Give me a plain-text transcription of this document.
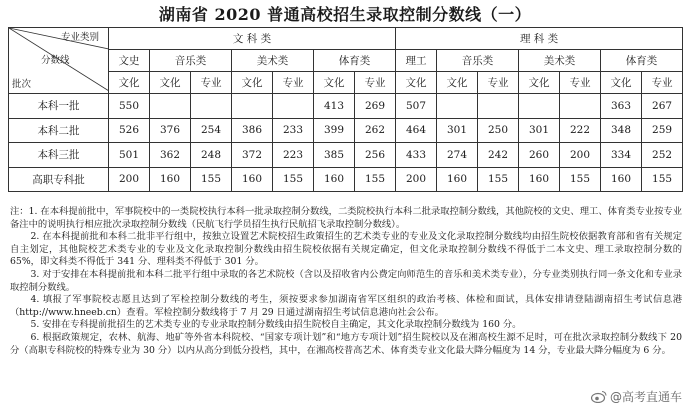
湖南省 2020 普通高校招生录取控制分数线（一）
专业类别
分数线
批次	文 科 类							理 科 类						
	文史	音乐类		美术类		体育类		理工	音乐类		美术类		体育类	
	文化	文化	专业	文化	专业	文化	专业	文化	文化	专业	文化	专业	文化	专业
本科一批	550					413	269	507					363	267
本科二批	526	376	254	386	233	399	262	464	301	250	301	222	348	259
本科三批	501	362	248	372	223	385	256	433	274	242	260	200	334	252
高职专科批	200	160	155	160	155	160	155	200	160	155	160	155	160	155

注：1. 在本科提前批中，军事院校中的一类院校执行本科一批录取控制分数线，二类院校执行本科二批录取控制分数线，其他院校的文史、理工、体育类专业按专业备注中的说明执行相应批次录取控制分数线（民航飞行学员招生执行民航招飞录取控制分数线）。

2. 在本科提前批和本科二批非平行组中，按独立设置艺术院校招生政策招生的艺术类专业的专业及文化录取控制分数线均由招生院校依据教育部和省有关规定自主划定，其他院校艺术类专业的专业及文化录取控制分数线由招生院校依据有关规定确定，但文化录取控制分数线不得低于二本文史、理工录取控制分数的 65%，即文科类不得低于 341 分、理科类不得低于 301 分。

3. 对于安排在本科提前批和本科二批平行组中录取的各艺术院校（含以及招收省内公费定向师范生的音乐和美术类专业），分专业类别执行同一条文化和专业录取控制分数线。

4. 填报了军事院校志愿且达到了军检控制分数线的考生，须按要求参加湖南省军区组织的政治考核、体检和面试，具体安排请登陆湖南招生考试信息港（http://www.hneeb.cn）查看。军检控制分数线将于 7 月 29 日通过湖南招生考试信息港向社会公布。

5. 安排在专科提前批招生的艺术类专业的专业录取控制分数线由招生院校自主确定，其文化录取控制分数线为 160 分。

6. 根据政策规定，农林、航海、地矿等外省本科院校、“国家专项计划”和“地方专项计划”招生院校以及在湘高校生源不足时，可在批次录取控制分数线下 20 分（高职专科院校的特殊专业为 30 分）以内从高分到低分投档，其中，在湘高校普高艺术、体育类专业文化最大降分幅度为 14 分，专业最大降分幅度为 6 分。

@高考直通车
